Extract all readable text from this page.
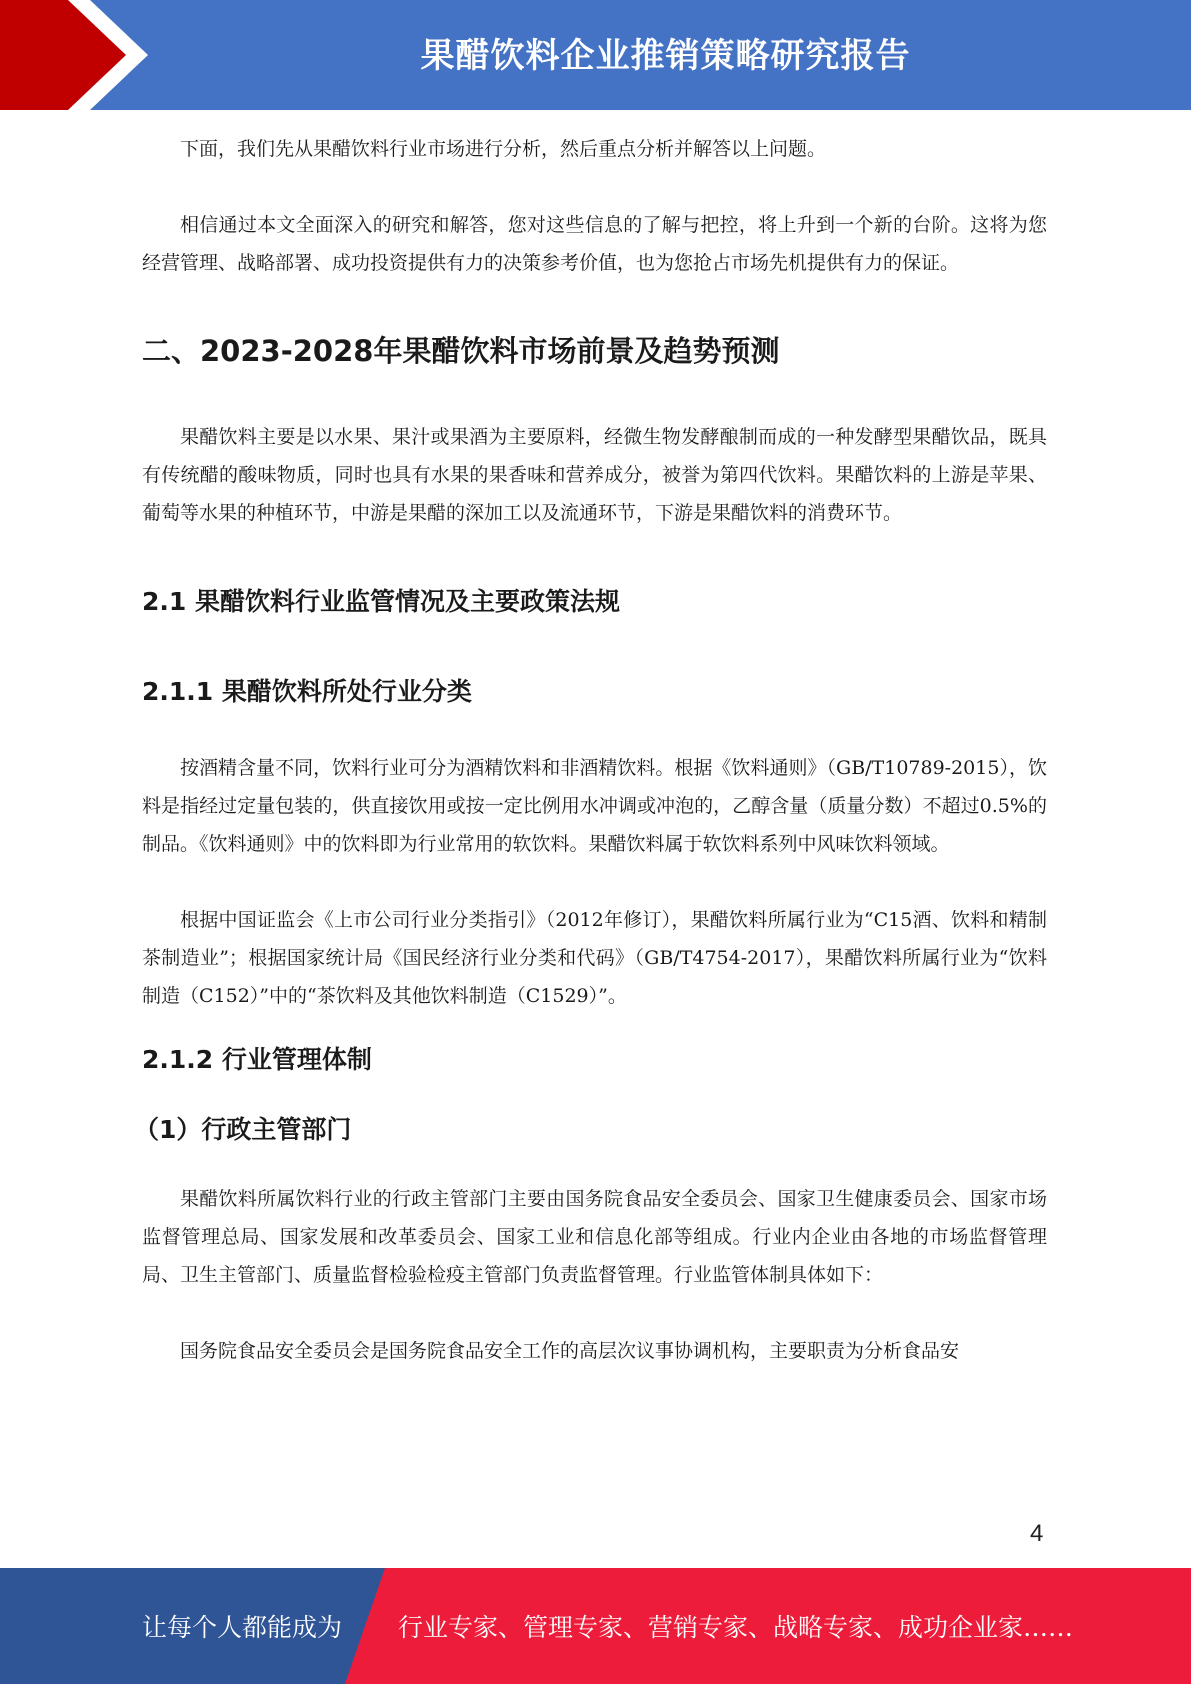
果醋饮料企业推销策略研究报告

下面，我们先从果醋饮料行业市场进行分析，然后重点分析并解答以上问题。

相信通过本文全面深入的研究和解答，您对这些信息的了解与把控，将上升到一个新的台阶。这将为您经营管理、战略部署、成功投资提供有力的决策参考价值，也为您抢占市场先机提供有力的保证。

二、2023-2028年果醋饮料市场前景及趋势预测

果醋饮料主要是以水果、果汁或果酒为主要原料，经微生物发酵酿制而成的一种发酵型果醋饮品，既具有传统醋的酸味物质，同时也具有水果的果香味和营养成分，被誉为第四代饮料。果醋饮料的上游是苹果、葡萄等水果的种植环节，中游是果醋的深加工以及流通环节，下游是果醋饮料的消费环节。

2.1 果醋饮料行业监管情况及主要政策法规
2.1.1 果醋饮料所处行业分类

按酒精含量不同，饮料行业可分为酒精饮料和非酒精饮料。根据《饮料通则》（GB/T10789-2015），饮料是指经过定量包装的，供直接饮用或按一定比例用水冲调或冲泡的，乙醇含量（质量分数）不超过0.5%的制品。《饮料通则》中的饮料即为行业常用的软饮料。果醋饮料属于软饮料系列中风味饮料领域。

根据中国证监会《上市公司行业分类指引》（2012年修订），果醋饮料所属行业为“C15酒、饮料和精制茶制造业”；根据国家统计局《国民经济行业分类和代码》（GB/T4754-2017），果醋饮料所属行业为“饮料制造（C152）”中的“茶饮料及其他饮料制造（C1529）”。

2.1.2 行业管理体制
（1）行政主管部门

果醋饮料所属饮料行业的行政主管部门主要由国务院食品安全委员会、国家卫生健康委员会、国家市场监督管理总局、国家发展和改革委员会、国家工业和信息化部等组成。行业内企业由各地的市场监督管理局、卫生主管部门、质量监督检验检疫主管部门负责监督管理。行业监管体制具体如下：

国务院食品安全委员会是国务院食品安全工作的高层次议事协调机构，主要职责为分析食品安

4
让每个人都能成为 行业专家、管理专家、营销专家、战略专家、成功企业家……
